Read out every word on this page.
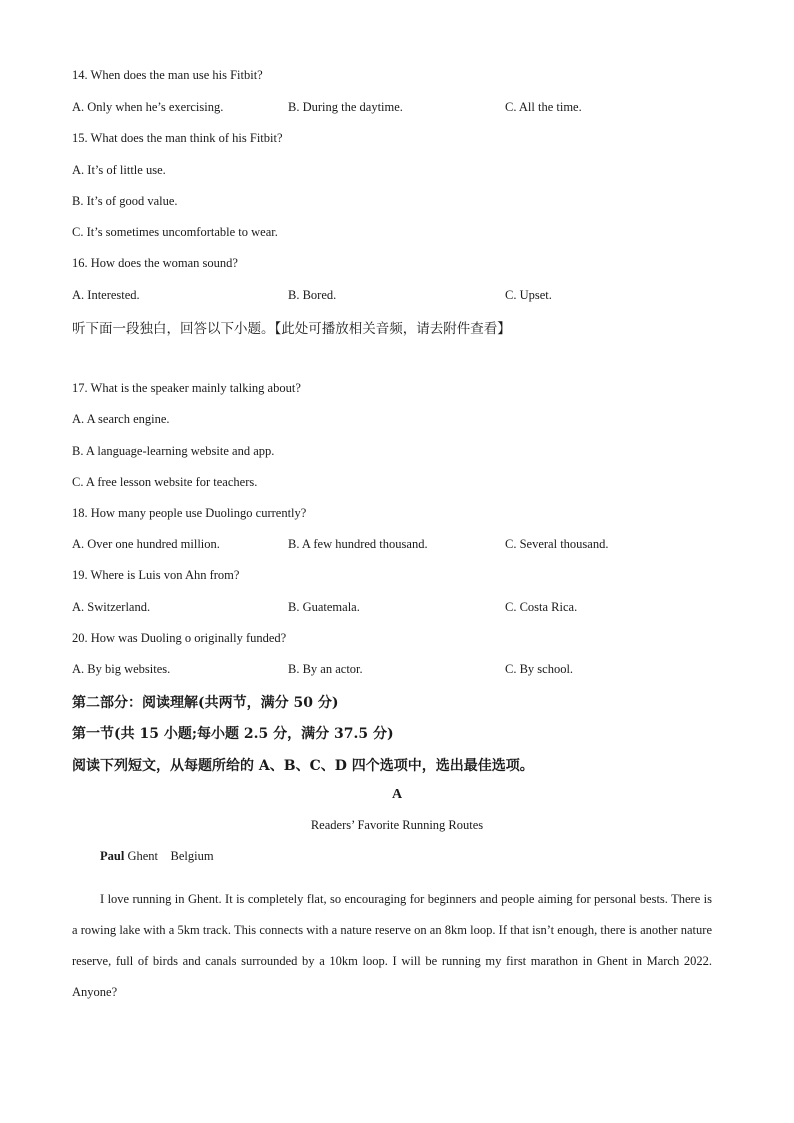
14. When does the man use his Fitbit?
A. Only when he’s exercising.	B. During the daytime.	C. All the time.
15. What does the man think of his Fitbit?
A. It’s of little use.
B. It’s of good value.
C. It’s sometimes uncomfortable to wear.
16. How does the woman sound?
A. Interested.	B. Bored.	C. Upset.
听下面一段独白，回答以下小题。【此处可播放相关音频，请去附件查看】
17. What is the speaker mainly talking about?
A. A search engine.
B. A language-learning website and app.
C. A free lesson website for teachers.
18. How many people use Duolingo currently?
A. Over one hundred million.	B. A few hundred thousand.	C. Several thousand.
19. Where is Luis von Ahn from?
A. Switzerland.	B. Guatemala.	C. Costa Rica.
20. How was Duoling o originally funded?
A. By big websites.	B. By an actor.	C. By school.
第二部分：阅读理解(共两节，满分 50 分)
第一节(共 15 小题;每小题 2.5 分，满分 37.5 分)
阅读下列短文，从每题所给的 A、B、C、D 四个选项中，选出最佳选项。
A
Readers’ Favorite Running Routes
Paul Ghent    Belgium
I love running in Ghent. It is completely flat, so encouraging for beginners and people aiming for personal bests. There is a rowing lake with a 5km track. This connects with a nature reserve on an 8km loop. If that isn’t enough, there is another nature reserve, full of birds and canals surrounded by a 10km loop. I will be running my first marathon in Ghent in March 2022. Anyone?
